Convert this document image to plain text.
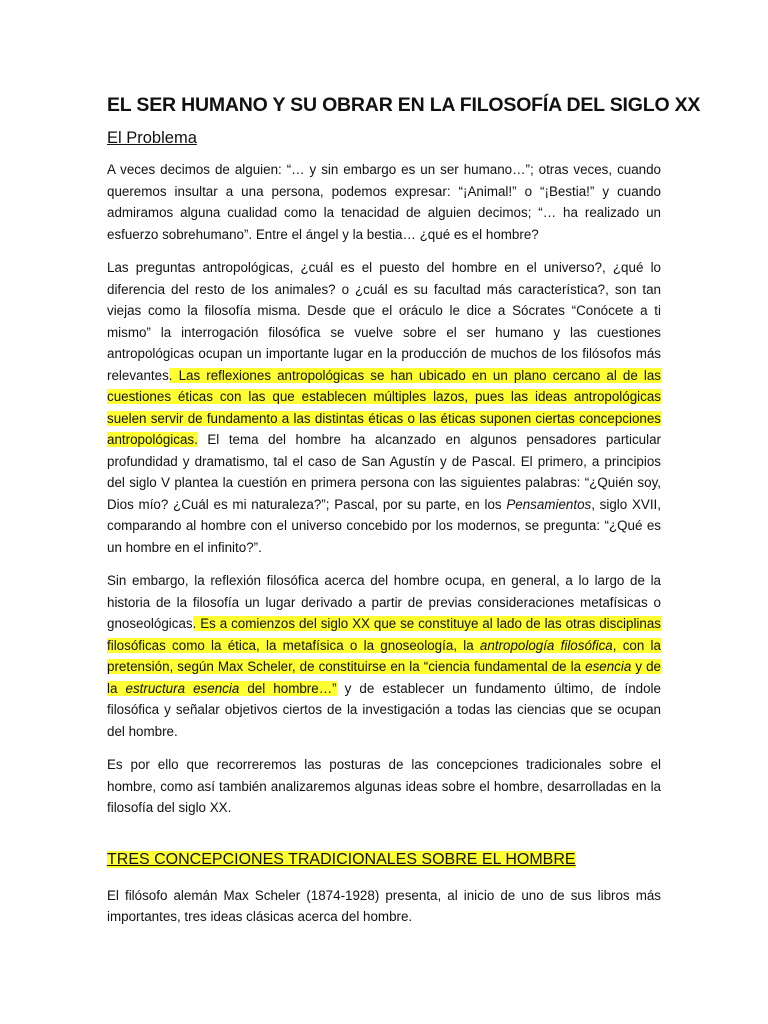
EL SER HUMANO Y SU OBRAR EN LA FILOSOFÍA DEL SIGLO XX
El Problema

A veces decimos de alguien: “… y sin embargo es un ser humano…”; otras veces, cuando queremos insultar a una persona, podemos expresar: “¡Animal!” o “¡Bestia!” y cuando admiramos alguna cualidad como la tenacidad de alguien decimos; “… ha realizado un esfuerzo sobrehumano”. Entre el ángel y la bestia… ¿qué es el hombre?

Las preguntas antropológicas, ¿cuál es el puesto del hombre en el universo?, ¿qué lo diferencia del resto de los animales? o ¿cuál es su facultad más característica?, son tan viejas como la filosofía misma. Desde que el oráculo le dice a Sócrates “Conócete a ti mismo” la interrogación filosófica se vuelve sobre el ser humano y las cuestiones antropológicas ocupan un importante lugar en la producción de muchos de los filósofos más relevantes. Las reflexiones antropológicas se han ubicado en un plano cercano al de las cuestiones éticas con las que establecen múltiples lazos, pues las ideas antropológicas suelen servir de fundamento a las distintas éticas o las éticas suponen ciertas concepciones antropológicas. El tema del hombre ha alcanzado en algunos pensadores particular profundidad y dramatismo, tal el caso de San Agustín y de Pascal. El primero, a principios del siglo V plantea la cuestión en primera persona con las siguientes palabras: “¿Quién soy, Dios mío? ¿Cuál es mi naturaleza?”; Pascal, por su parte, en los Pensamientos, siglo XVII, comparando al hombre con el universo concebido por los modernos, se pregunta: “¿Qué es un hombre en el infinito?”.

Sin embargo, la reflexión filosófica acerca del hombre ocupa, en general, a lo largo de la historia de la filosofía un lugar derivado a partir de previas consideraciones metafísicas o gnoseológicas. Es a comienzos del siglo XX que se constituye al lado de las otras disciplinas filosóficas como la ética, la metafísica o la gnoseología, la antropología filosófica, con la pretensión, según Max Scheler, de constituirse en la “ciencia fundamental de la esencia y de la estructura esencia del hombre…” y de establecer un fundamento último, de índole filosófica y señalar objetivos ciertos de la investigación a todas las ciencias que se ocupan del hombre.

Es por ello que recorreremos las posturas de las concepciones tradicionales sobre el hombre, como así también analizaremos algunas ideas sobre el hombre, desarrolladas en la filosofía del siglo XX.

TRES CONCEPCIONES TRADICIONALES SOBRE EL HOMBRE

El filósofo alemán Max Scheler (1874-1928) presenta, al inicio de uno de sus libros más importantes, tres ideas clásicas acerca del hombre.
